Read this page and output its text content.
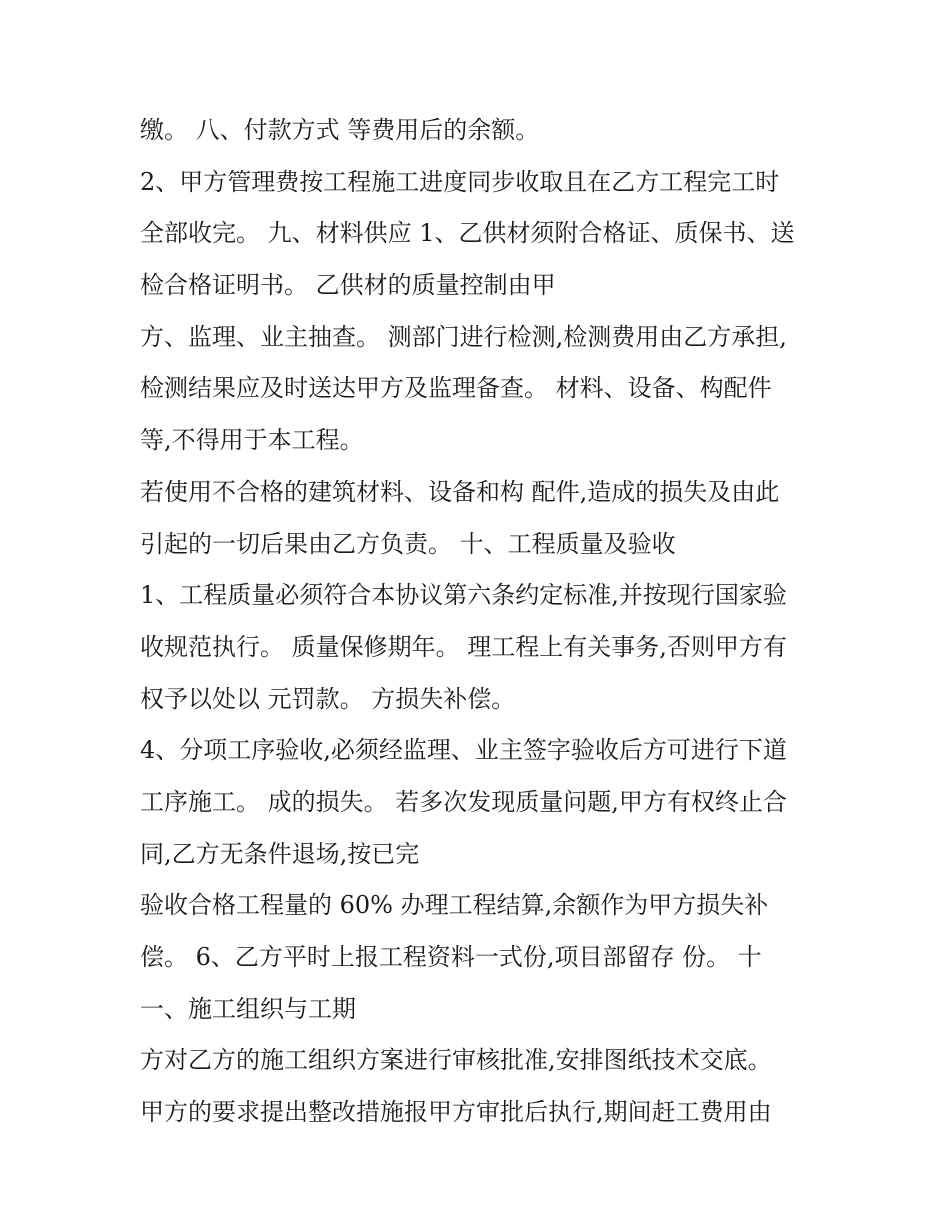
缴。 八、付款方式 等费用后的余额。
2、甲方管理费按工程施工进度同步收取且在乙方工程完工时
全部收完。 九、材料供应 1、乙供材须附合格证、质保书、送
检合格证明书。 乙供材的质量控制由甲
方、监理、业主抽查。 测部门进行检测,检测费用由乙方承担,
检测结果应及时送达甲方及监理备查。 材料、设备、构配件
等,不得用于本工程。
若使用不合格的建筑材料、设备和构 配件,造成的损失及由此
引起的一切后果由乙方负责。 十、工程质量及验收
1、工程质量必须符合本协议第六条约定标准,并按现行国家验
收规范执行。 质量保修期年。 理工程上有关事务,否则甲方有
权予以处以 元罚款。 方损失补偿。
4、分项工序验收,必须经监理、业主签字验收后方可进行下道
工序施工。 成的损失。 若多次发现质量问题,甲方有权终止合
同,乙方无条件退场,按已完
验收合格工程量的 60% 办理工程结算,余额作为甲方损失补
偿。 6、乙方平时上报工程资料一式份,项目部留存 份。 十
一、施工组织与工期
方对乙方的施工组织方案进行审核批准,安排图纸技术交底。
甲方的要求提出整改措施报甲方审批后执行,期间赶工费用由
